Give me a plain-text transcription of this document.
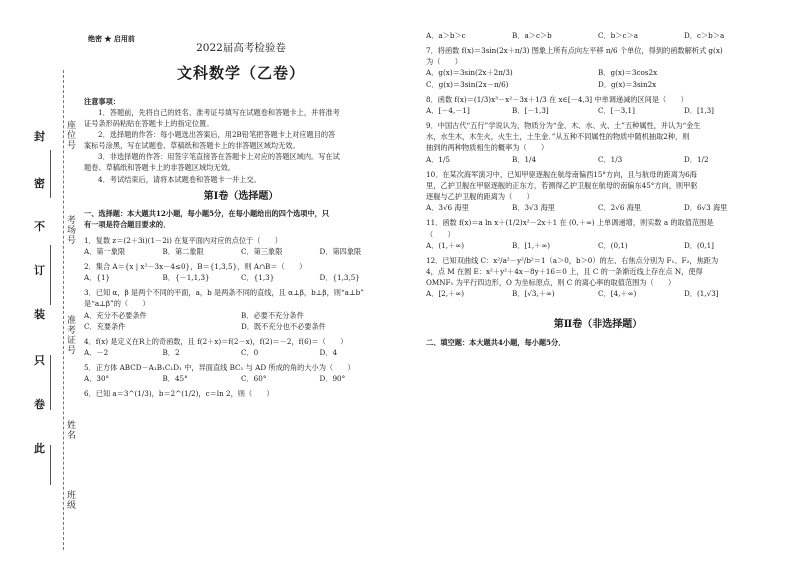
封
密
不
订
装
只
卷
此
座位号
考场号
准考证号
姓名
班级
绝密 ★ 启用前

2022届高考检验卷

文科数学（乙卷）

注意事项：

1．答题前，先将自己的姓名、准考证号填写在试题卷和答题卡上，并将准考

证号条形码粘贴在答题卡上的指定位置。

2．选择题的作答：每小题选出答案后，用2B铅笔把答题卡上对应题目的答

案标号涂黑，写在试题卷、草稿纸和答题卡上的非答题区域均无效。

3．非选择题的作答：用签字笔直接答在答题卡上对应的答题区域内。写在试

题卷、草稿纸和答题卡上的非答题区域均无效。

4．考试结束后，请将本试题卷和答题卡一并上交。

第Ⅰ卷（选择题）

一、选择题：本大题共12小题，每小题5分，在每小题给出的四个选项中，只

有一项是符合题目要求的．

1．复数 z＝(2＋3i)(1－2i) 在复平面内对应的点位于（　　）

A．第一象限	B．第二象限	C．第三象限	D．第四象限

2．集合 A＝{x | x²－3x－4≤0}，B＝{1,3,5}，则 A∩B＝（　　）

A．{1}	B．{－1,1,3}	C．{1,3}	D．{1,3,5}

3．已知 α，β 是两个不同的平面，a，b 是两条不同的直线，且 α⊥β，b⊥β，则“a⊥b”

是“a⊥β”的（　　）

A．充分不必要条件	B．必要不充分条件
C．充要条件	D．既不充分也不必要条件

4．f(x) 是定义在R上的奇函数，且 f(2＋x)＝f(2－x)，f(2)＝－2，f(6)＝（　　）

A．－2	B．2	C．0	D．4

5．正方体 ABCD－A₁B₁C₁D₁ 中，异面直线 BC₁ 与 AD 所成的角的大小为（　　）

A．30°	B．45°	C．60°	D．90°

6．已知 a＝3^(1/3)，b＝2^(1/2)，c＝ln 2，则（　　）

A．a＞b＞c	B．a＞c＞b	C．b＞c＞a	D．c＞b＞a

7．将函数 f(x)＝3sin(2x＋π/3) 图象上所有点向左平移 π/6 个单位，得到的函数解析式 g(x)

为（　　）

A．g(x)＝3sin(2x＋2π/3)	B．g(x)＝3cos2x
C．g(x)＝3sin(2x－π/6)	D．g(x)＝3sin2x

8．函数 f(x)＝(1/3)x³－x²－3x＋1/3 在 x∈[－4,3] 中单调递减的区间是（　　）

A．[－4,－1]	B．[－1,3]	C．[－3,1]	D．[1,3]

9．中国古代“五行”学说认为，物质分为“金、木、水、火、土”五种属性，并认为“金生

水，水生木，木生火，火生土，土生金．”从五种不同属性的物质中随机抽取2种，则

抽到的两种物质相生的概率为（　　）

A．1/5	B．1/4	C．1/3	D．1/2

10．在某次海军演习中，已知甲驱逐舰在航母南偏西15°方向，且与航母的距离为6海

里，乙护卫舰在甲驱逐舰的正东方，若测得乙护卫舰在航母的南偏东45°方向，则甲驱

逐舰与乙护卫舰的距离为（　　）

A．3√6 海里	B．3√3 海里	C．2√6 海里	D．6√3 海里

11．函数 f(x)＝a ln x＋(1/2)x²－2x＋1 在 (0,＋∞) 上单调递增，则实数 a 的取值范围是

（　　）

A．(1,＋∞)	B．[1,＋∞)	C．(0,1)	D．(0,1]

12．已知双曲线 C：x²/a²－y²/b²＝1（a＞0，b＞0）的左、右焦点分别为 F₁、F₂，焦距为

4，点 M 在圆 E：x²＋y²＋4x－8y＋16＝0 上，且 C 的一条渐近线上存在点 N，使得

OMNF₁ 为平行四边形，O 为坐标原点，则 C 的离心率的取值范围为（　　）

A．[2,＋∞)	B．[√3,＋∞)	C．[4,＋∞)	D．(1,√3]

第Ⅱ卷（非选择题）

二、填空题：本大题共4小题，每小题5分．
